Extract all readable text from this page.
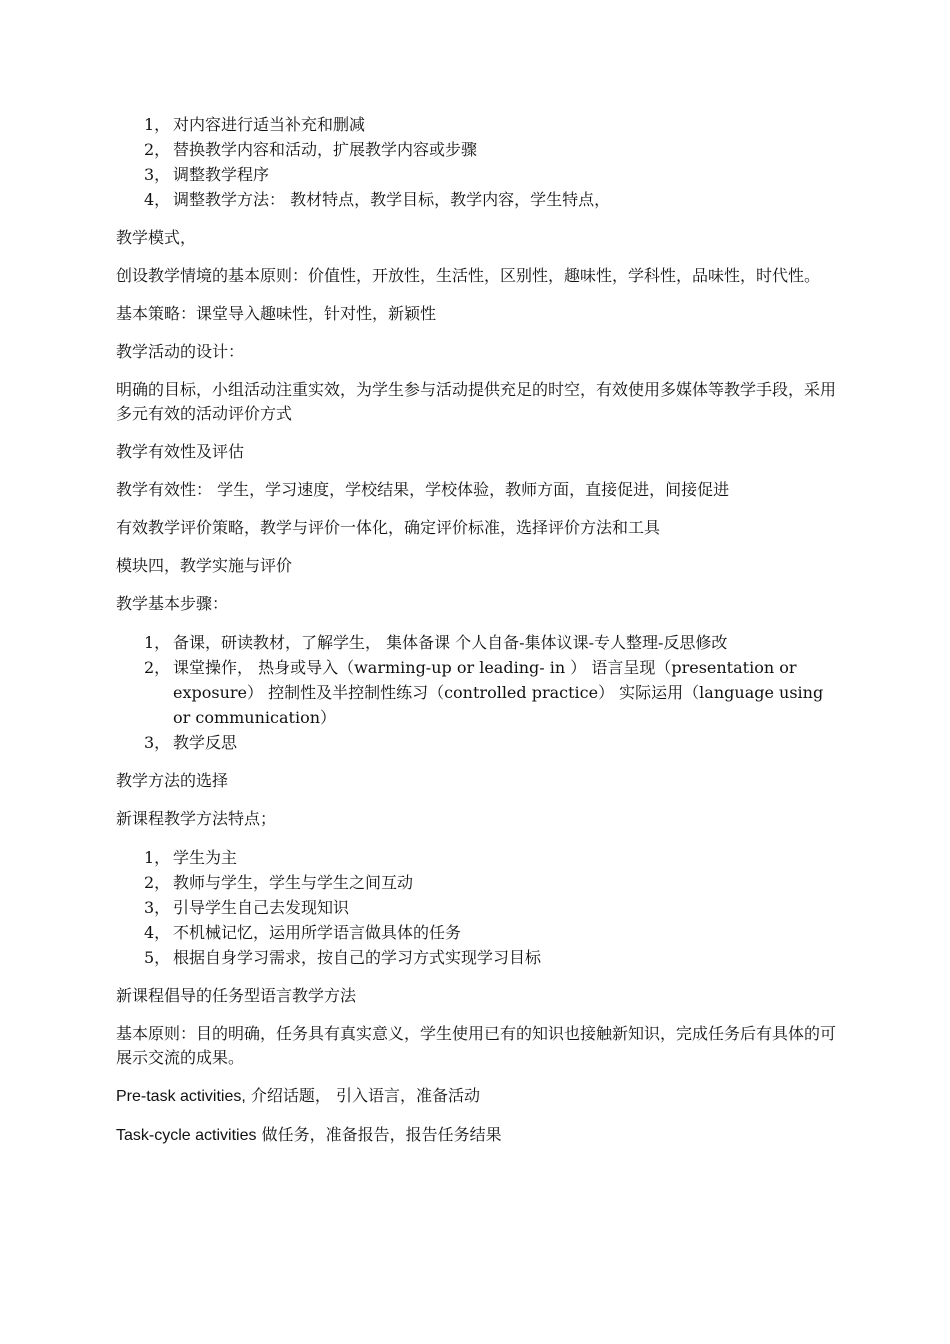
1， 对内容进行适当补充和删减
2， 替换教学内容和活动，扩展教学内容或步骤
3， 调整教学程序
4， 调整教学方法： 教材特点，教学目标，教学内容，学生特点，

教学模式，

创设教学情境的基本原则：价值性，开放性，生活性，区别性，趣味性，学科性，品味性，时代性。

基本策略：课堂导入趣味性，针对性，新颖性

教学活动的设计：

明确的目标，小组活动注重实效，为学生参与活动提供充足的时空，有效使用多媒体等教学手段，采用多元有效的活动评价方式

教学有效性及评估

教学有效性： 学生，学习速度，学校结果，学校体验，教师方面，直接促进，间接促进

有效教学评价策略，教学与评价一体化，确定评价标准，选择评价方法和工具

模块四，教学实施与评价

教学基本步骤：

1， 备课，研读教材，了解学生， 集体备课 个人自备-集体议课-专人整理-反思修改
2， 课堂操作， 热身或导入（warming-up or leading- in ） 语言呈现（presentation or exposure） 控制性及半控制性练习（controlled practice） 实际运用（language using or communication）
3， 教学反思

教学方法的选择

新课程教学方法特点；

1， 学生为主
2， 教师与学生，学生与学生之间互动
3， 引导学生自己去发现知识
4， 不机械记忆，运用所学语言做具体的任务
5， 根据自身学习需求，按自己的学习方式实现学习目标

新课程倡导的任务型语言教学方法

基本原则：目的明确，任务具有真实意义，学生使用已有的知识也接触新知识，完成任务后有具体的可展示交流的成果。

Pre-task activities, 介绍话题， 引入语言，准备活动

Task-cycle activities 做任务，准备报告，报告任务结果
